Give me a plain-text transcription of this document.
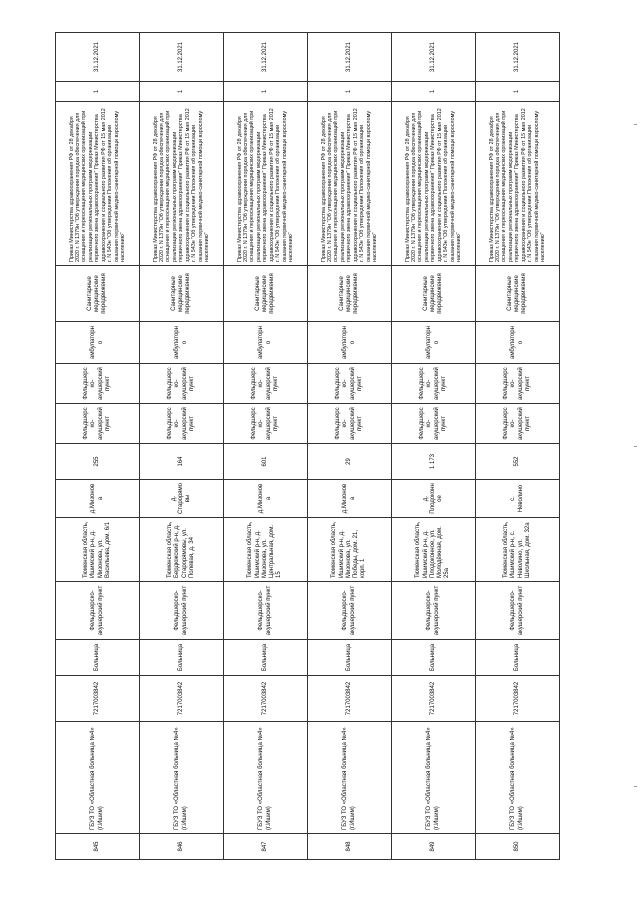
845	ГБУЗ ТО «Областная больница №4» (г.Ишим)	7217003842	Больница	Фельдшерско-акушерский пункт	Тюменская область, Ишимский р-н, д. Мизонова, ул. Васильева, дом. 6/1	д.Мизонова	255	Фельдшерско-акушерский пункт	Фельдшерско-акушерский пункт	амбулаторно	Санитарные медицинские передвижения	Приказ Министерства здравоохранения РФ от 28 декабря 2020 г. N 1379н "Об утверждении порядка обеспечения для оснащения и переоснащения медицинских организаций при реализации региональных программ модернизации первичного звена здравоохранения" Приказ Министерства здравоохранения и социального развития РФ от 15 мая 2012 г. N 543н "Об утверждении Положения об организации оказания первичной медико-санитарной помощи взрослому населению"	1	31.12.2021
846	ГБУЗ ТО «Областная больница №4» (г.Ишим)	7217003842	Больница	Фельдшерско-акушерский пункт	Тюменская область, Бердюжский р-н, д. Старорямовы, ул. Полевая, д. 34	д. Старорямовы	164	Фельдшерско-акушерский пункт	Фельдшерско-акушерский пункт	амбулаторно	Санитарные медицинские передвижения	Приказ Министерства здравоохранения РФ от 28 декабря 2020 г. N 1379н "Об утверждении порядка обеспечения для оснащения и переоснащения медицинских организаций при реализации региональных программ модернизации первичного звена здравоохранения" Приказ Министерства здравоохранения и социального развития РФ от 15 мая 2012 г. N 543н "Об утверждении Положения об организации оказания первичной медико-санитарной помощи взрослому населению"	1	31.12.2021
847	ГБУЗ ТО «Областная больница №4» (г.Ишим)	7217003842	Больница	Фельдшерско-акушерский пункт	Тюменская область, Ишимский р-н, д. Мизонова, ул. Центральная, дом. 15	д.Мизонова	601	Фельдшерско-акушерский пункт	Фельдшерско-акушерский пункт	амбулаторно	Санитарные медицинские передвижения	Приказ Министерства здравоохранения РФ от 28 декабря 2020 г. N 1379н "Об утверждении порядка обеспечения для оснащения и переоснащения медицинских организаций при реализации региональных программ модернизации первичного звена здравоохранения" Приказ Министерства здравоохранения и социального развития РФ от 15 мая 2012 г. N 543н "Об утверждении Положения об организации оказания первичной медико-санитарной помощи взрослому населению"	1	31.12.2021
848	ГБУЗ ТО «Областная больница №4» (г.Ишим)	7217003842	Больница	Фельдшерско-акушерский пункт	Тюменская область, Ишимский р-н, д. Мизонова, ул. Победы, дом. 21, корп. 1	д.Мизонова	29	Фельдшерско-акушерский пункт	Фельдшерско-акушерский пункт	амбулаторно	Санитарные медицинские передвижения	Приказ Министерства здравоохранения РФ от 28 декабря 2020 г. N 1379н "Об утверждении порядка обеспечения для оснащения и переоснащения медицинских организаций при реализации региональных программ модернизации первичного звена здравоохранения" Приказ Министерства здравоохранения и социального развития РФ от 15 мая 2012 г. N 543н "Об утверждении Положения об организации оказания первичной медико-санитарной помощи взрослому населению"	1	31.12.2021
849	ГБУЗ ТО «Областная больница №4» (г.Ишим)	7217003842	Больница	Фельдшерско-акушерский пункт	Тюменская область, Ишимский р-н, д. Плодоконное, ул. Молодёжная, дом. 25а	д. Плодоконное	1 173	Фельдшерско-акушерский пункт	Фельдшерско-акушерский пункт	амбулаторно	Санитарные медицинские передвижения	Приказ Министерства здравоохранения РФ от 28 декабря 2020 г. N 1379н "Об утверждении порядка обеспечения для оснащения и переоснащения медицинских организаций при реализации региональных программ модернизации первичного звена здравоохранения" Приказ Министерства здравоохранения и социального развития РФ от 15 мая 2012 г. N 543н "Об утверждении Положения об организации оказания первичной медико-санитарной помощи взрослому населению"	1	31.12.2021
850	ГБУЗ ТО «Областная больница №4» (г.Ишим)	7217003842	Больница	Фельдшерско-акушерский пункт	Тюменская область, Ишимский р-н, с. Неволино, ул. Школьная, дом. 32а	с. Неволино	552	Фельдшерско-акушерский пункт	Фельдшерско-акушерский пункт	амбулаторно	Санитарные медицинские передвижения	Приказ Министерства здравоохранения РФ от 28 декабря 2020 г. N 1379н "Об утверждении порядка обеспечения для оснащения и переоснащения медицинских организаций при реализации региональных программ модернизации первичного звена здравоохранения" Приказ Министерства здравоохранения и социального развития РФ от 15 мая 2012 г. N 543н "Об утверждении Положения об организации оказания первичной медико-санитарной помощи взрослому населению"	1	31.12.2021
